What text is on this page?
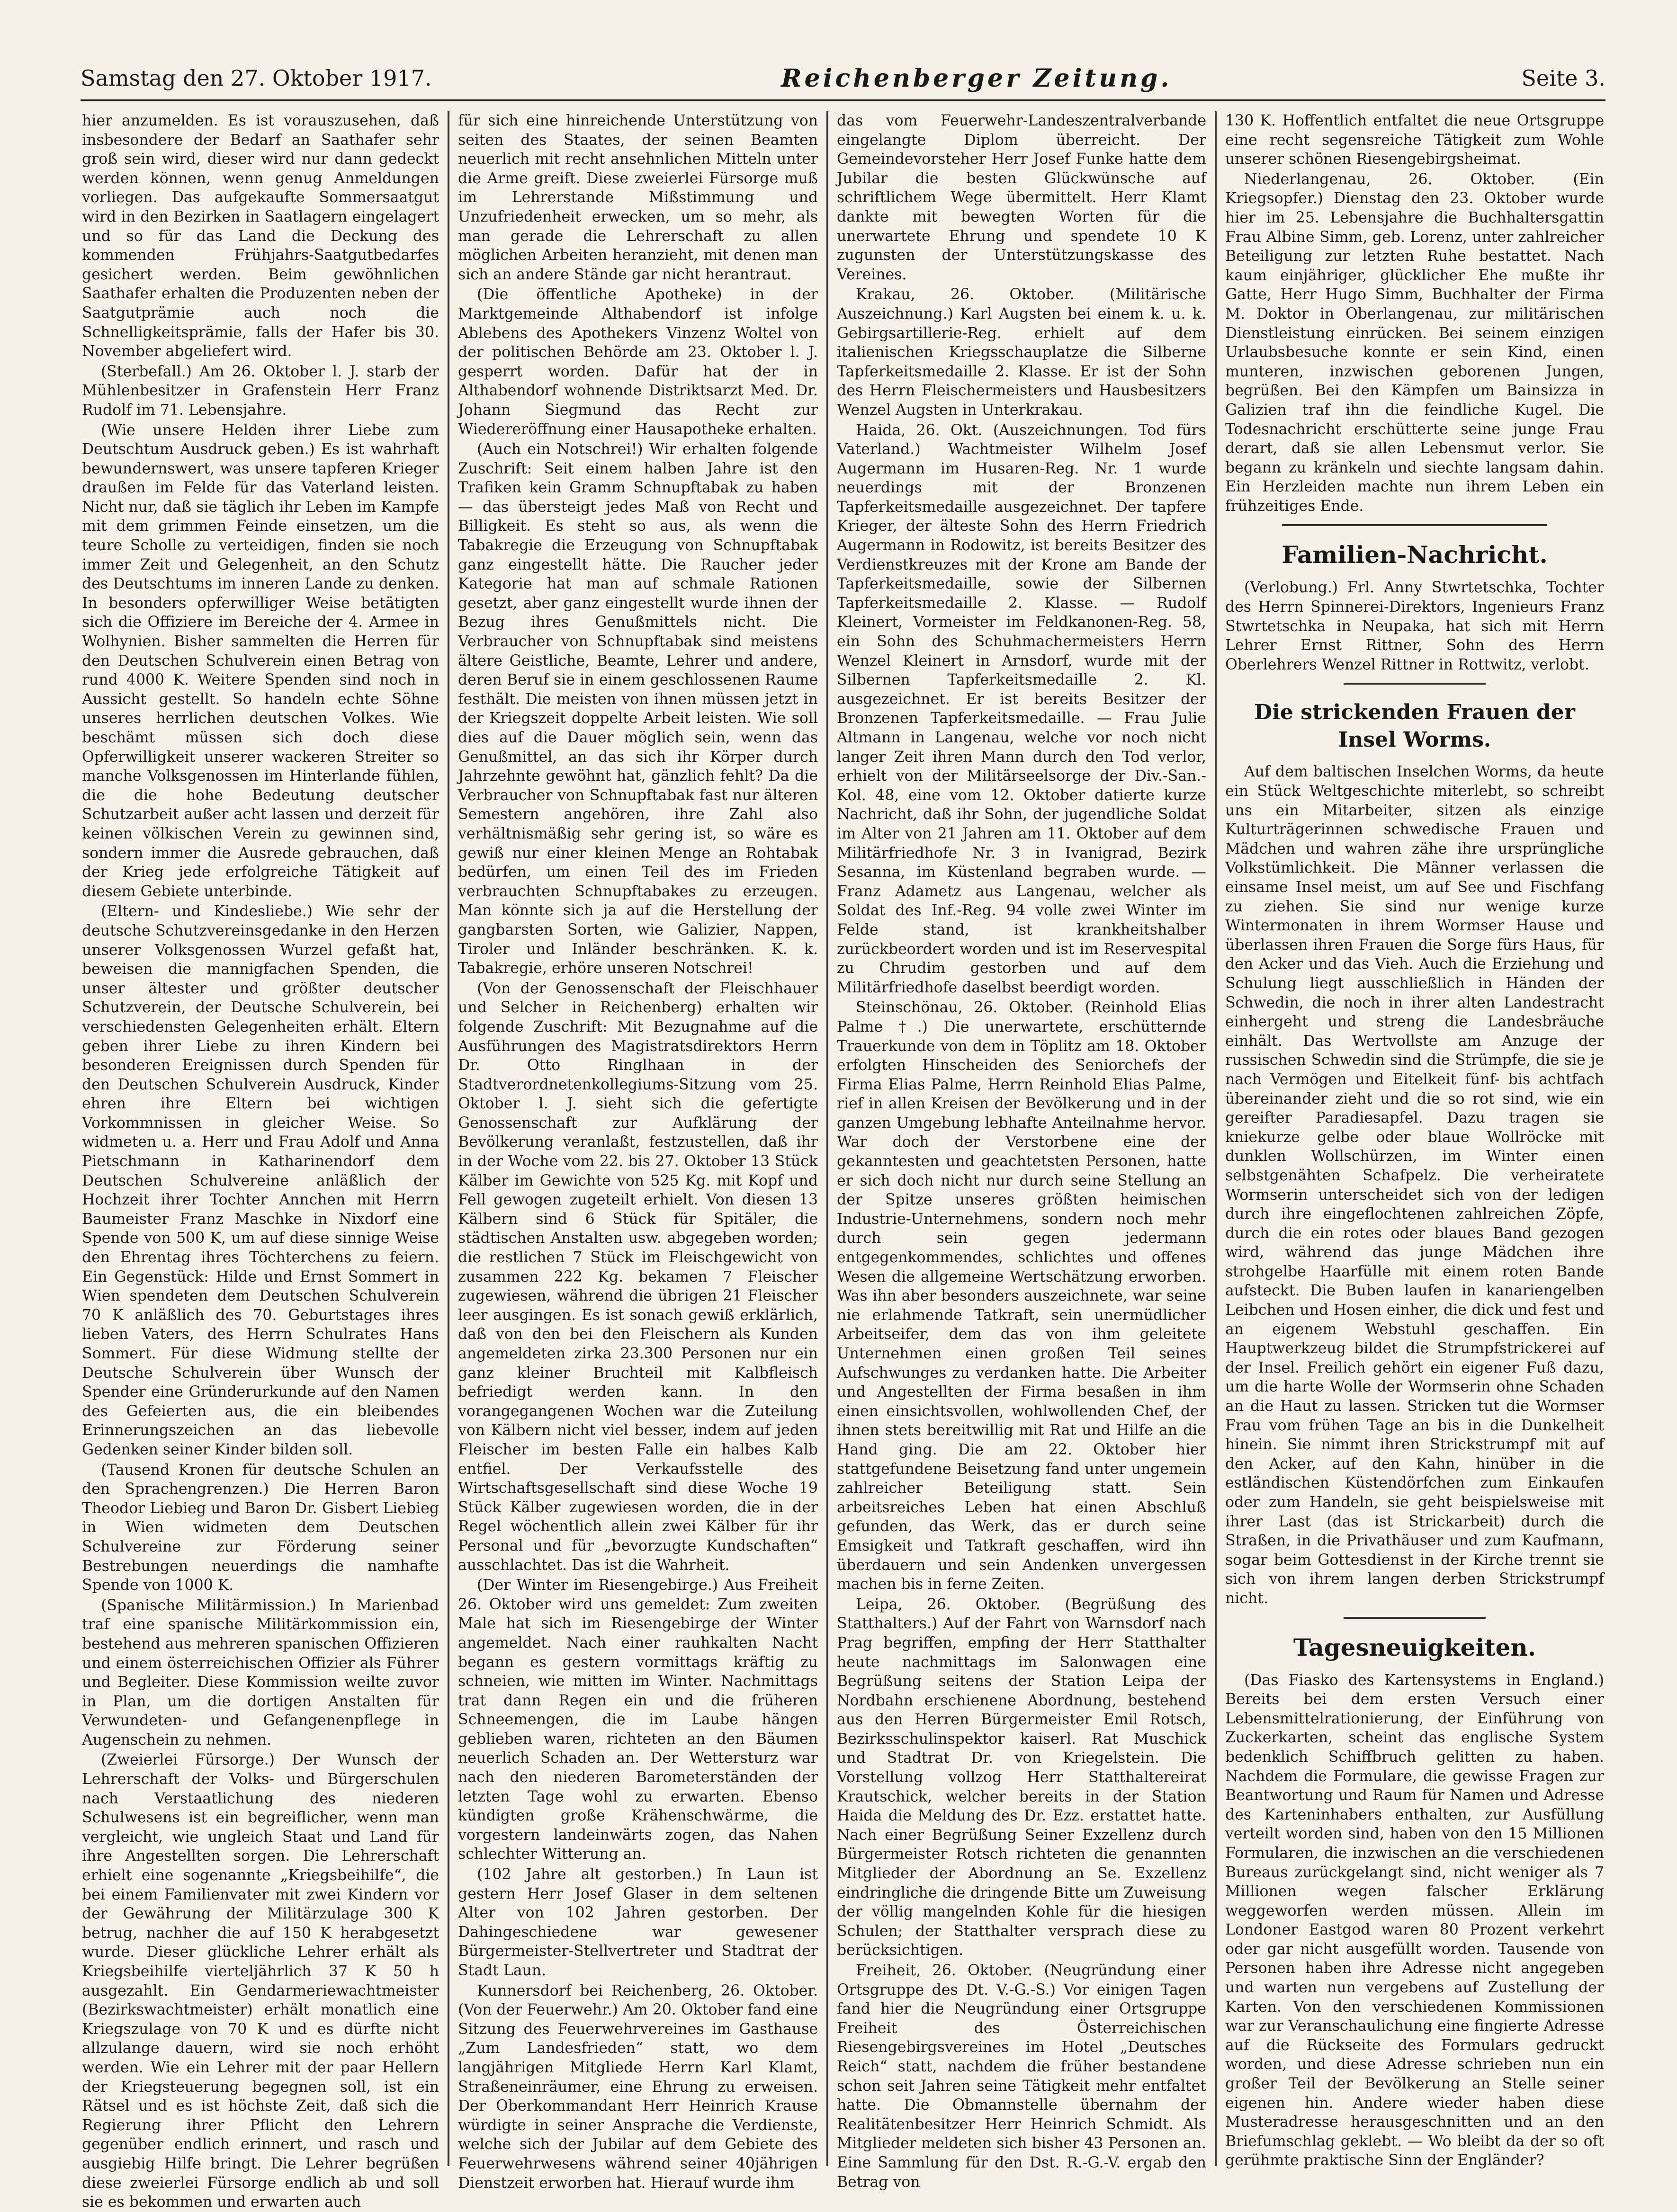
Samstag den 27. Oktober 1917.	Reichenberger Zeitung.	Seite 3.

hier anzumelden. Es ist vorauszusehen, daß insbesondere der Bedarf an Saathafer sehr groß sein wird, dieser wird nur dann gedeckt werden können, wenn genug Anmeldungen vorliegen. Das aufgekaufte Sommersaatgut wird in den Bezirken in Saatlagern eingelagert und so für das Land die Deckung des kommenden Frühjahrs-Saatgutbedarfes gesichert werden. Beim gewöhnlichen Saathafer erhalten die Produzenten neben der Saatgutprämie auch noch die Schnelligkeitsprämie, falls der Hafer bis 30. November abgeliefert wird.

(Sterbefall.) Am 26. Oktober l. J. starb der Mühlenbesitzer in Grafenstein Herr Franz Rudolf im 71. Lebensjahre.

(Wie unsere Helden ihrer Liebe zum Deutschtum Ausdruck geben.) Es ist wahrhaft bewundernswert, was unsere tapferen Krieger draußen im Felde für das Vaterland leisten. Nicht nur, daß sie täglich ihr Leben im Kampfe mit dem grimmen Feinde einsetzen, um die teure Scholle zu verteidigen, finden sie noch immer Zeit und Gelegenheit, an den Schutz des Deutschtums im inneren Lande zu denken. In besonders opferwilliger Weise betätigten sich die Offiziere im Bereiche der 4. Armee in Wolhynien. Bisher sammelten die Herren für den Deutschen Schulverein einen Betrag von rund 4000 K. Weitere Spenden sind noch in Aussicht gestellt. So handeln echte Söhne unseres herrlichen deutschen Volkes. Wie beschämt müssen sich doch diese Opferwilligkeit unserer wackeren Streiter so manche Volksgenossen im Hinterlande fühlen, die die hohe Bedeutung deutscher Schutzarbeit außer acht lassen und derzeit für keinen völkischen Verein zu gewinnen sind, sondern immer die Ausrede gebrauchen, daß der Krieg jede erfolgreiche Tätigkeit auf diesem Gebiete unterbinde.

(Eltern- und Kindesliebe.) Wie sehr der deutsche Schutzvereinsgedanke in den Herzen unserer Volksgenossen Wurzel gefaßt hat, beweisen die mannigfachen Spenden, die unser ältester und größter deutscher Schutzverein, der Deutsche Schulverein, bei verschiedensten Gelegenheiten erhält. Eltern geben ihrer Liebe zu ihren Kindern bei besonderen Ereignissen durch Spenden für den Deutschen Schulverein Ausdruck, Kinder ehren ihre Eltern bei wichtigen Vorkommnissen in gleicher Weise. So widmeten u. a. Herr und Frau Adolf und Anna Pietschmann in Katharinendorf dem Deutschen Schulvereine anläßlich der Hochzeit ihrer Tochter Annchen mit Herrn Baumeister Franz Maschke in Nixdorf eine Spende von 500 K, um auf diese sinnige Weise den Ehrentag ihres Töchterchens zu feiern. Ein Gegenstück: Hilde und Ernst Sommert in Wien spendeten dem Deutschen Schulverein 70 K anläßlich des 70. Geburtstages ihres lieben Vaters, des Herrn Schulrates Hans Sommert. Für diese Widmung stellte der Deutsche Schulverein über Wunsch der Spender eine Gründerurkunde auf den Namen des Gefeierten aus, die ein bleibendes Erinnerungszeichen an das liebevolle Gedenken seiner Kinder bilden soll.

(Tausend Kronen für deutsche Schulen an den Sprachengrenzen.) Die Herren Baron Theodor Liebieg und Baron Dr. Gisbert Liebieg in Wien widmeten dem Deutschen Schulvereine zur Förderung seiner Bestrebungen neuerdings die namhafte Spende von 1000 K.

(Spanische Militärmission.) In Marienbad traf eine spanische Militärkommission ein, bestehend aus mehreren spanischen Offizieren und einem österreichischen Offizier als Führer und Begleiter. Diese Kommission weilte zuvor in Plan, um die dortigen Anstalten für Verwundeten- und Gefangenenpflege in Augenschein zu nehmen.

(Zweierlei Fürsorge.) Der Wunsch der Lehrerschaft der Volks- und Bürgerschulen nach Verstaatlichung des niederen Schulwesens ist ein begreiflicher, wenn man vergleicht, wie ungleich Staat und Land für ihre Angestellten sorgen. Die Lehrerschaft erhielt eine sogenannte „Kriegsbeihilfe“, die bei einem Familienvater mit zwei Kindern vor der Gewährung der Militärzulage 300 K betrug, nachher die auf 150 K herabgesetzt wurde. Dieser glückliche Lehrer erhält als Kriegsbeihilfe vierteljährlich 37 K 50 h ausgezahlt. Ein Gendarmeriewachtmeister (Bezirkswachtmeister) erhält monatlich eine Kriegszulage von 70 K und es dürfte nicht allzulange dauern, wird sie noch erhöht werden. Wie ein Lehrer mit der paar Hellern der Kriegsteuerung begegnen soll, ist ein Rätsel und es ist höchste Zeit, daß sich die Regierung ihrer Pflicht den Lehrern gegenüber endlich erinnert, und rasch und ausgiebig Hilfe bringt. Die Lehrer begrüßen diese zweierlei Fürsorge endlich ab und soll sie es bekommen und erwarten auch

für sich eine hinreichende Unterstützung von seiten des Staates, der seinen Beamten neuerlich mit recht ansehnlichen Mitteln unter die Arme greift. Diese zweierlei Fürsorge muß im Lehrerstande Mißstimmung und Unzufriedenheit erwecken, um so mehr, als man gerade die Lehrerschaft zu allen möglichen Arbeiten heranzieht, mit denen man sich an andere Stände gar nicht herantraut.

(Die öffentliche Apotheke) in der Marktgemeinde Althabendorf ist infolge Ablebens des Apothekers Vinzenz Woltel von der politischen Behörde am 23. Oktober l. J. gesperrt worden. Dafür hat der in Althabendorf wohnende Distriktsarzt Med. Dr. Johann Siegmund das Recht zur Wiedereröffnung einer Hausapotheke erhalten.

(Auch ein Notschrei!) Wir erhalten folgende Zuschrift: Seit einem halben Jahre ist den Trafiken kein Gramm Schnupftabak zu haben — das übersteigt jedes Maß von Recht und Billigkeit. Es steht so aus, als wenn die Tabakregie die Erzeugung von Schnupftabak ganz eingestellt hätte. Die Raucher jeder Kategorie hat man auf schmale Rationen gesetzt, aber ganz eingestellt wurde ihnen der Bezug ihres Genußmittels nicht. Die Verbraucher von Schnupftabak sind meistens ältere Geistliche, Beamte, Lehrer und andere, deren Beruf sie in einem geschlossenen Raume festhält. Die meisten von ihnen müssen jetzt in der Kriegszeit doppelte Arbeit leisten. Wie soll dies auf die Dauer möglich sein, wenn das Genußmittel, an das sich ihr Körper durch Jahrzehnte gewöhnt hat, gänzlich fehlt? Da die Verbraucher von Schnupftabak fast nur älteren Semestern angehören, ihre Zahl also verhältnismäßig sehr gering ist, so wäre es gewiß nur einer kleinen Menge an Rohtabak bedürfen, um einen Teil des im Frieden verbrauchten Schnupftabakes zu erzeugen. Man könnte sich ja auf die Herstellung der gangbarsten Sorten, wie Galizier, Nappen, Tiroler und Inländer beschränken. K. k. Tabakregie, erhöre unseren Notschrei!

(Von der Genossenschaft der Fleischhauer und Selcher in Reichenberg) erhalten wir folgende Zuschrift: Mit Bezugnahme auf die Ausführungen des Magistratsdirektors Herrn Dr. Otto Ringlhaan in der Stadtverordnetenkollegiums-Sitzung vom 25. Oktober l. J. sieht sich die gefertigte Genossenschaft zur Aufklärung der Bevölkerung veranlaßt, festzustellen, daß ihr in der Woche vom 22. bis 27. Oktober 13 Stück Kälber im Gewichte von 525 Kg. mit Kopf und Fell gewogen zugeteilt erhielt. Von diesen 13 Kälbern sind 6 Stück für Spitäler, die städtischen Anstalten usw. abgegeben worden; die restlichen 7 Stück im Fleischgewicht von zusammen 222 Kg. bekamen 7 Fleischer zugewiesen, während die übrigen 21 Fleischer leer ausgingen. Es ist sonach gewiß erklärlich, daß von den bei den Fleischern als Kunden angemeldeten zirka 23.300 Personen nur ein ganz kleiner Bruchteil mit Kalbfleisch befriedigt werden kann. In den vorangegangenen Wochen war die Zuteilung von Kälbern nicht viel besser, indem auf jeden Fleischer im besten Falle ein halbes Kalb entfiel. Der Verkaufsstelle des Wirtschaftsgesellschaft sind diese Woche 19 Stück Kälber zugewiesen worden, die in der Regel wöchentlich allein zwei Kälber für ihr Personal und für „bevorzugte Kundschaften“ ausschlachtet. Das ist die Wahrheit.

(Der Winter im Riesengebirge.) Aus Freiheit 26. Oktober wird uns gemeldet: Zum zweiten Male hat sich im Riesengebirge der Winter angemeldet. Nach einer rauhkalten Nacht begann es gestern vormittags kräftig zu schneien, wie mitten im Winter. Nachmittags trat dann Regen ein und die früheren Schneemengen, die im Laube hängen geblieben waren, richteten an den Bäumen neuerlich Schaden an. Der Wettersturz war nach den niederen Barometerständen der letzten Tage wohl zu erwarten. Ebenso kündigten große Krähenschwärme, die vorgestern landeinwärts zogen, das Nahen schlechter Witterung an.

(102 Jahre alt gestorben.) In Laun ist gestern Herr Josef Glaser in dem seltenen Alter von 102 Jahren gestorben. Der Dahingeschiedene war gewesener Bürgermeister-Stellvertreter und Stadtrat der Stadt Laun.

Kunnersdorf bei Reichenberg, 26. Oktober. (Von der Feuerwehr.) Am 20. Oktober fand eine Sitzung des Feuerwehrvereines im Gasthause „Zum Landesfrieden“ statt, wo dem langjährigen Mitgliede Herrn Karl Klamt, Straßeneinräumer, eine Ehrung zu erweisen. Der Oberkommandant Herr Heinrich Krause würdigte in seiner Ansprache die Verdienste, welche sich der Jubilar auf dem Gebiete des Feuerwehrwesens während seiner 40jährigen Dienstzeit erworben hat. Hierauf wurde ihm

das vom Feuerwehr-Landeszentralverbande eingelangte Diplom überreicht. Der Gemeindevorsteher Herr Josef Funke hatte dem Jubilar die besten Glückwünsche auf schriftlichem Wege übermittelt. Herr Klamt dankte mit bewegten Worten für die unerwartete Ehrung und spendete 10 K zugunsten der Unterstützungskasse des Vereines.

Krakau, 26. Oktober. (Militärische Auszeichnung.) Karl Augsten bei einem k. u. k. Gebirgsartillerie-Reg. erhielt auf dem italienischen Kriegsschauplatze die Silberne Tapferkeitsmedaille 2. Klasse. Er ist der Sohn des Herrn Fleischermeisters und Hausbesitzers Wenzel Augsten in Unterkrakau.

Haida, 26. Okt. (Auszeichnungen. Tod fürs Vaterland.) Wachtmeister Wilhelm Josef Augermann im Husaren-Reg. Nr. 1 wurde neuerdings mit der Bronzenen Tapferkeitsmedaille ausgezeichnet. Der tapfere Krieger, der älteste Sohn des Herrn Friedrich Augermann in Rodowitz, ist bereits Besitzer des Verdienstkreuzes mit der Krone am Bande der Tapferkeitsmedaille, sowie der Silbernen Tapferkeitsmedaille 2. Klasse. — Rudolf Kleinert, Vormeister im Feldkanonen-Reg. 58, ein Sohn des Schuhmachermeisters Herrn Wenzel Kleinert in Arnsdorf, wurde mit der Silbernen Tapferkeitsmedaille 2. Kl. ausgezeichnet. Er ist bereits Besitzer der Bronzenen Tapferkeitsmedaille. — Frau Julie Altmann in Langenau, welche vor noch nicht langer Zeit ihren Mann durch den Tod verlor, erhielt von der Militärseelsorge der Div.-San.-Kol. 48, eine vom 12. Oktober datierte kurze Nachricht, daß ihr Sohn, der jugendliche Soldat im Alter von 21 Jahren am 11. Oktober auf dem Militärfriedhofe Nr. 3 in Ivanigrad, Bezirk Sesanna, im Küstenland begraben wurde. — Franz Adametz aus Langenau, welcher als Soldat des Inf.-Reg. 94 volle zwei Winter im Felde stand, ist krankheitshalber zurückbeordert worden und ist im Reservespital zu Chrudim gestorben und auf dem Militärfriedhofe daselbst beerdigt worden.

Steinschönau, 26. Oktober. (Reinhold Elias Palme †.) Die unerwartete, erschütternde Trauerkunde von dem in Töplitz am 18. Oktober erfolgten Hinscheiden des Seniorchefs der Firma Elias Palme, Herrn Reinhold Elias Palme, rief in allen Kreisen der Bevölkerung und in der ganzen Umgebung lebhafte Anteilnahme hervor. War doch der Verstorbene eine der gekanntesten und geachtetsten Personen, hatte er sich doch nicht nur durch seine Stellung an der Spitze unseres größten heimischen Industrie-Unternehmens, sondern noch mehr durch sein gegen jedermann entgegenkommendes, schlichtes und offenes Wesen die allgemeine Wertschätzung erworben. Was ihn aber besonders auszeichnete, war seine nie erlahmende Tatkraft, sein unermüdlicher Arbeitseifer, dem das von ihm geleitete Unternehmen einen großen Teil seines Aufschwunges zu verdanken hatte. Die Arbeiter und Angestellten der Firma besaßen in ihm einen einsichtsvollen, wohlwollenden Chef, der ihnen stets bereitwillig mit Rat und Hilfe an die Hand ging. Die am 22. Oktober hier stattgefundene Beisetzung fand unter ungemein zahlreicher Beteiligung statt. Sein arbeitsreiches Leben hat einen Abschluß gefunden, das Werk, das er durch seine Emsigkeit und Tatkraft geschaffen, wird ihn überdauern und sein Andenken unvergessen machen bis in ferne Zeiten.

Leipa, 26. Oktober. (Begrüßung des Statthalters.) Auf der Fahrt von Warnsdorf nach Prag begriffen, empfing der Herr Statthalter heute nachmittags im Salonwagen eine Begrüßung seitens der Station Leipa der Nordbahn erschienene Abordnung, bestehend aus den Herren Bürgermeister Emil Rotsch, Bezirksschulinspektor kaiserl. Rat Muschick und Stadtrat Dr. von Kriegelstein. Die Vorstellung vollzog Herr Statthaltereirat Krautschick, welcher bereits in der Station Haida die Meldung des Dr. Ezz. erstattet hatte. Nach einer Begrüßung Seiner Exzellenz durch Bürgermeister Rotsch richteten die genannten Mitglieder der Abordnung an Se. Exzellenz eindringliche die dringende Bitte um Zuweisung der völlig mangelnden Kohle für die hiesigen Schulen; der Statthalter versprach diese zu berücksichtigen.

Freiheit, 26. Oktober. (Neugründung einer Ortsgruppe des Dt. V.-G.-S.) Vor einigen Tagen fand hier die Neugründung einer Ortsgruppe Freiheit des Österreichischen Riesengebirgsvereines im Hotel „Deutsches Reich“ statt, nachdem die früher bestandene schon seit Jahren seine Tätigkeit mehr entfaltet hatte. Die Obmannstelle übernahm der Realitätenbesitzer Herr Heinrich Schmidt. Als Mitglieder meldeten sich bisher 43 Personen an. Eine Sammlung für den Dst. R.-G.-V. ergab den Betrag von

130 K. Hoffentlich entfaltet die neue Ortsgruppe eine recht segensreiche Tätigkeit zum Wohle unserer schönen Riesengebirgsheimat.

Niederlangenau, 26. Oktober. (Ein Kriegsopfer.) Dienstag den 23. Oktober wurde hier im 25. Lebensjahre die Buchhaltersgattin Frau Albine Simm, geb. Lorenz, unter zahlreicher Beteiligung zur letzten Ruhe bestattet. Nach kaum einjähriger, glücklicher Ehe mußte ihr Gatte, Herr Hugo Simm, Buchhalter der Firma M. Doktor in Oberlangenau, zur militärischen Dienstleistung einrücken. Bei seinem einzigen Urlaubsbesuche konnte er sein Kind, einen munteren, inzwischen geborenen Jungen, begrüßen. Bei den Kämpfen um Bainsizza in Galizien traf ihn die feindliche Kugel. Die Todesnachricht erschütterte seine junge Frau derart, daß sie allen Lebensmut verlor. Sie begann zu kränkeln und siechte langsam dahin. Ein Herzleiden machte nun ihrem Leben ein frühzeitiges Ende.

Familien-Nachricht.

(Verlobung.) Frl. Anny Stwrtetschka, Tochter des Herrn Spinnerei-Direktors, Ingenieurs Franz Stwrtetschka in Neupaka, hat sich mit Herrn Lehrer Ernst Rittner, Sohn des Herrn Oberlehrers Wenzel Rittner in Rottwitz, verlobt.

Die strickenden Frauen der Insel Worms.

Auf dem baltischen Inselchen Worms, da heute ein Stück Weltgeschichte miterlebt, so schreibt uns ein Mitarbeiter, sitzen als einzige Kulturträgerinnen schwedische Frauen und Mädchen und wahren zähe ihre ursprüngliche Volkstümlichkeit. Die Männer verlassen die einsame Insel meist, um auf See und Fischfang zu ziehen. Sie sind nur wenige kurze Wintermonaten in ihrem Wormser Hause und überlassen ihren Frauen die Sorge fürs Haus, für den Acker und das Vieh. Auch die Erziehung und Schulung liegt ausschließlich in Händen der Schwedin, die noch in ihrer alten Landestracht einhergeht und streng die Landesbräuche einhält. Das Wertvollste am Anzuge der russischen Schwedin sind die Strümpfe, die sie je nach Vermögen und Eitelkeit fünf- bis achtfach übereinander zieht und die so rot sind, wie ein gereifter Paradiesapfel. Dazu tragen sie kniekurze gelbe oder blaue Wollröcke mit dunklen Wollschürzen, im Winter einen selbstgenähten Schafpelz. Die verheiratete Wormserin unterscheidet sich von der ledigen durch ihre eingeflochtenen zahlreichen Zöpfe, durch die ein rotes oder blaues Band gezogen wird, während das junge Mädchen ihre strohgelbe Haarfülle mit einem roten Bande aufsteckt. Die Buben laufen in kanariengelben Leibchen und Hosen einher, die dick und fest und an eigenem Webstuhl geschaffen. Ein Hauptwerkzeug bildet die Strumpfstrickerei auf der Insel. Freilich gehört ein eigener Fuß dazu, um die harte Wolle der Wormserin ohne Schaden an die Haut zu lassen. Stricken tut die Wormser Frau vom frühen Tage an bis in die Dunkelheit hinein. Sie nimmt ihren Strickstrumpf mit auf den Acker, auf den Kahn, hinüber in die estländischen Küstendörfchen zum Einkaufen oder zum Handeln, sie geht beispielsweise mit ihrer Last (das ist Strickarbeit) durch die Straßen, in die Privathäuser und zum Kaufmann, sogar beim Gottesdienst in der Kirche trennt sie sich von ihrem langen derben Strickstrumpf nicht.

Tagesneuigkeiten.

(Das Fiasko des Kartensystems in England.) Bereits bei dem ersten Versuch einer Lebensmittelrationierung, der Einführung von Zuckerkarten, scheint das englische System bedenklich Schiffbruch gelitten zu haben. Nachdem die Formulare, die gewisse Fragen zur Beantwortung und Raum für Namen und Adresse des Karteninhabers enthalten, zur Ausfüllung verteilt worden sind, haben von den 15 Millionen Formularen, die inzwischen an die verschiedenen Bureaus zurückgelangt sind, nicht weniger als 7 Millionen wegen falscher Erklärung weggeworfen werden müssen. Allein im Londoner Eastgod waren 80 Prozent verkehrt oder gar nicht ausgefüllt worden. Tausende von Personen haben ihre Adresse nicht angegeben und warten nun vergebens auf Zustellung der Karten. Von den verschiedenen Kommissionen war zur Veranschaulichung eine fingierte Adresse auf die Rückseite des Formulars gedruckt worden, und diese Adresse schrieben nun ein großer Teil der Bevölkerung an Stelle seiner eigenen hin. Andere wieder haben diese Musteradresse herausgeschnitten und an den Briefumschlag geklebt. — Wo bleibt da der so oft gerühmte praktische Sinn der Engländer?
